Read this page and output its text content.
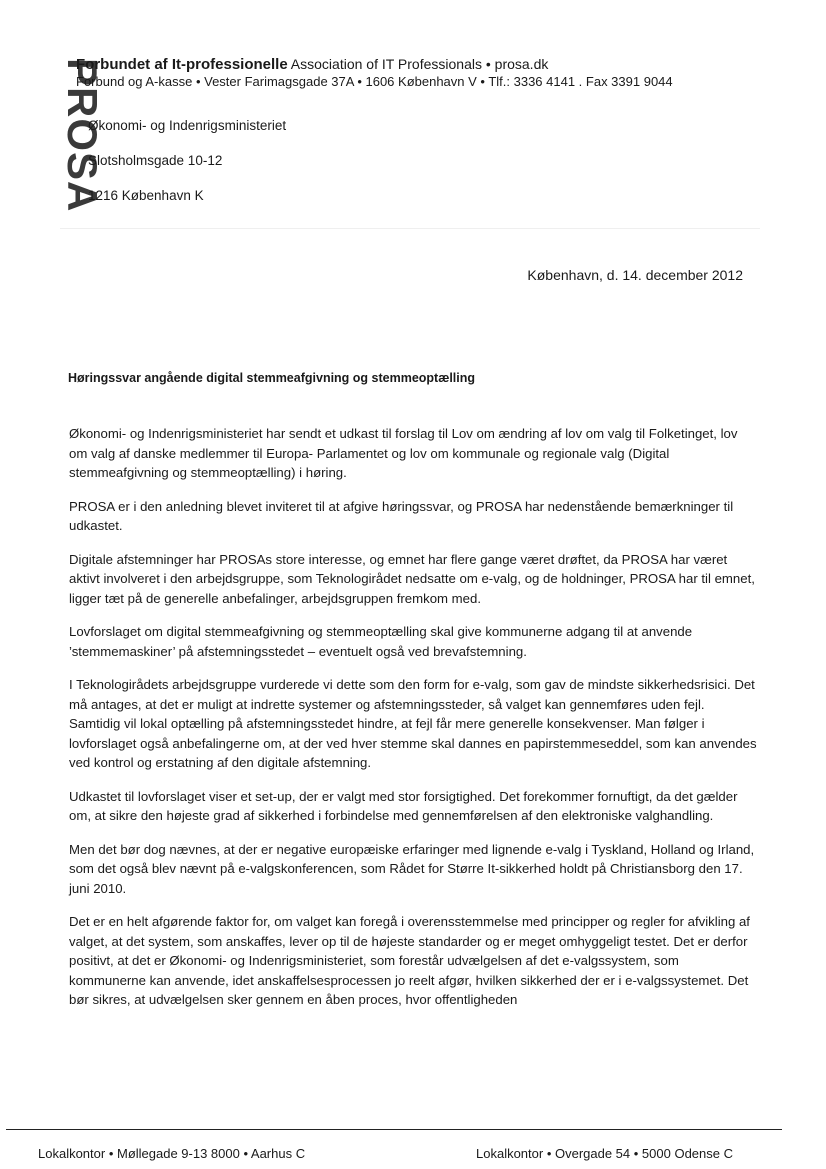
PROSA
Forbundet af It-professionelle Association of IT Professionals • prosa.dk
Forbund og A-kasse • Vester Farimagsgade 37A • 1606 København V • Tlf.: 3336 4141 . Fax 3391 9044
Økonomi- og Indenrigsministeriet
Slotsholmsgade 10-12
1216 København K
København, d. 14. december 2012
Høringssvar angående digital stemmeafgivning og stemmeoptælling

Økonomi- og Indenrigsministeriet har sendt et udkast til forslag til Lov om ændring af lov om valg til Folketinget, lov om valg af danske medlemmer til Europa- Parlamentet og lov om kommunale og regionale valg (Digital stemmeafgivning og stemmeoptælling) i høring.

PROSA er i den anledning blevet inviteret til at afgive høringssvar, og PROSA har nedenstående bemærkninger til udkastet.

Digitale afstemninger har PROSAs store interesse, og emnet har flere gange været drøftet, da PROSA har været aktivt involveret i den arbejdsgruppe, som Teknologirådet nedsatte om e-valg, og de holdninger, PROSA har til emnet, ligger tæt på de generelle anbefalinger, arbejdsgruppen fremkom med.

Lovforslaget om digital stemmeafgivning og stemmeoptælling skal give kommunerne adgang til at anvende ’stemmemaskiner’ på afstemningsstedet – eventuelt også ved brevafstemning.

I Teknologirådets arbejdsgruppe vurderede vi dette som den form for e-valg, som gav de mindste sikkerhedsrisici. Det må antages, at det er muligt at indrette systemer og afstemningssteder, så valget kan gennemføres uden fejl. Samtidig vil lokal optælling på afstemningsstedet hindre, at fejl får mere generelle konsekvenser. Man følger i lovforslaget også anbefalingerne om, at der ved hver stemme skal dannes en papirstemmeseddel, som kan anvendes ved kontrol og erstatning af den digitale afstemning.

Udkastet til lovforslaget viser et set-up, der er valgt med stor forsigtighed. Det forekommer fornuftigt, da det gælder om, at sikre den højeste grad af sikkerhed i forbindelse med gennemførelsen af den elektroniske valghandling.

Men det bør dog nævnes, at der er negative europæiske erfaringer med lignende e-valg i Tyskland, Holland og Irland, som det også blev nævnt på e-valgskonferencen, som Rådet for Større It-sikkerhed holdt på Christiansborg den 17. juni 2010.

Det er en helt afgørende faktor for, om valget kan foregå i overensstemmelse med principper og regler for afvikling af valget, at det system, som anskaffes, lever op til de højeste standarder og er meget omhyggeligt testet. Det er derfor positivt, at det er Økonomi- og Indenrigsministeriet, som forestår udvælgelsen af det e-valgssystem, som kommunerne kan anvende, idet anskaffelsesprocessen jo reelt afgør, hvilken sikkerhed der er i e-valgssystemet. Det bør sikres, at udvælgelsen sker gennem en åben proces, hvor offentligheden

Lokalkontor • Møllegade 9-13 8000 • Aarhus C	Lokalkontor • Overgade 54 • 5000 Odense C
